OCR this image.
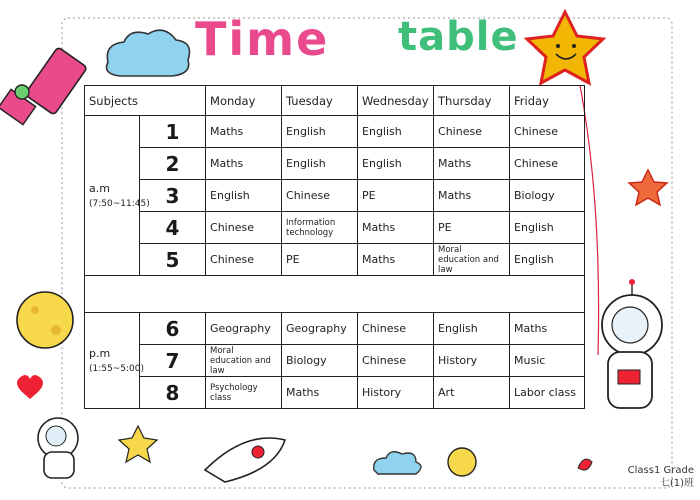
Time table
Subjects		Monday	Tuesday	Wednesday	Thursday	Friday
a.m
(7:50~11:45)	1	Maths	English	English	Chinese	Chinese
	2	Maths	English	English	Maths	Chinese
	3	English	Chinese	PE	Maths	Biology
	4	Chinese	Information technology	Maths	PE	English
	5	Chinese	PE	Maths	Moral education and law	English

p.m
(1:55~5:00)	6	Geography	Geography	Chinese	English	Maths
	7	Moral education and law	Biology	Chinese	History	Music
	8	Psychology class	Maths	History	Art	Labor class
Class1 Grade
七(1)班
